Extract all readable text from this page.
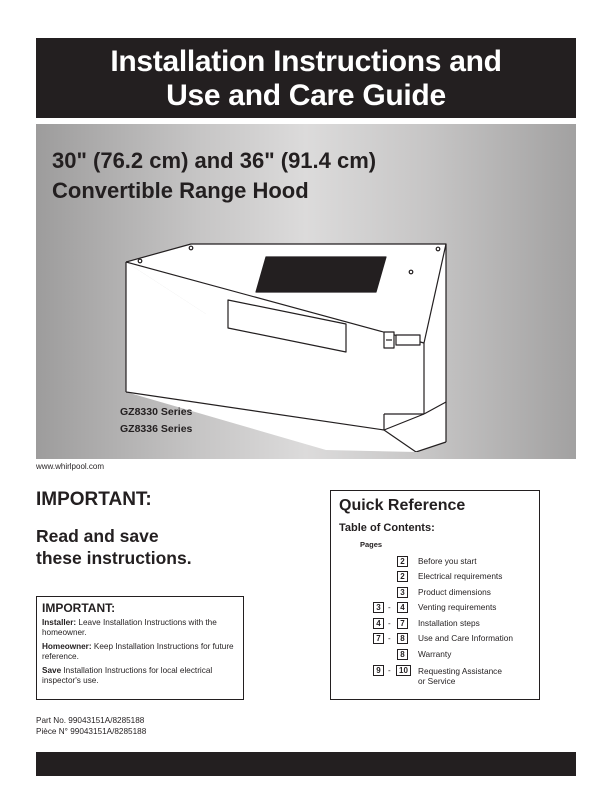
Installation Instructions and
Use and Care Guide
30" (76.2 cm) and 36" (91.4 cm)
Convertible Range Hood
GZ8330 Series
GZ8336 Series
www.whirlpool.com
IMPORTANT:
Read and save
these instructions.
IMPORTANT:

Installer: Leave Installation Instructions with the homeowner.

Homeowner: Keep Installation Instructions for future reference.

Save Installation Instructions for local electrical inspector's use.

Part No. 99043151A/8285188
Pièce N° 99043151A/8285188
Quick Reference
Table of Contents:
Pages
2	Before you start
2	Electrical requirements
3	Product dimensions
3 -	4	Venting requirements
4 -	7	Installation steps
7 -	8	Use and Care Information
8	Warranty
9 -	10	Requesting Assistance
or Service
